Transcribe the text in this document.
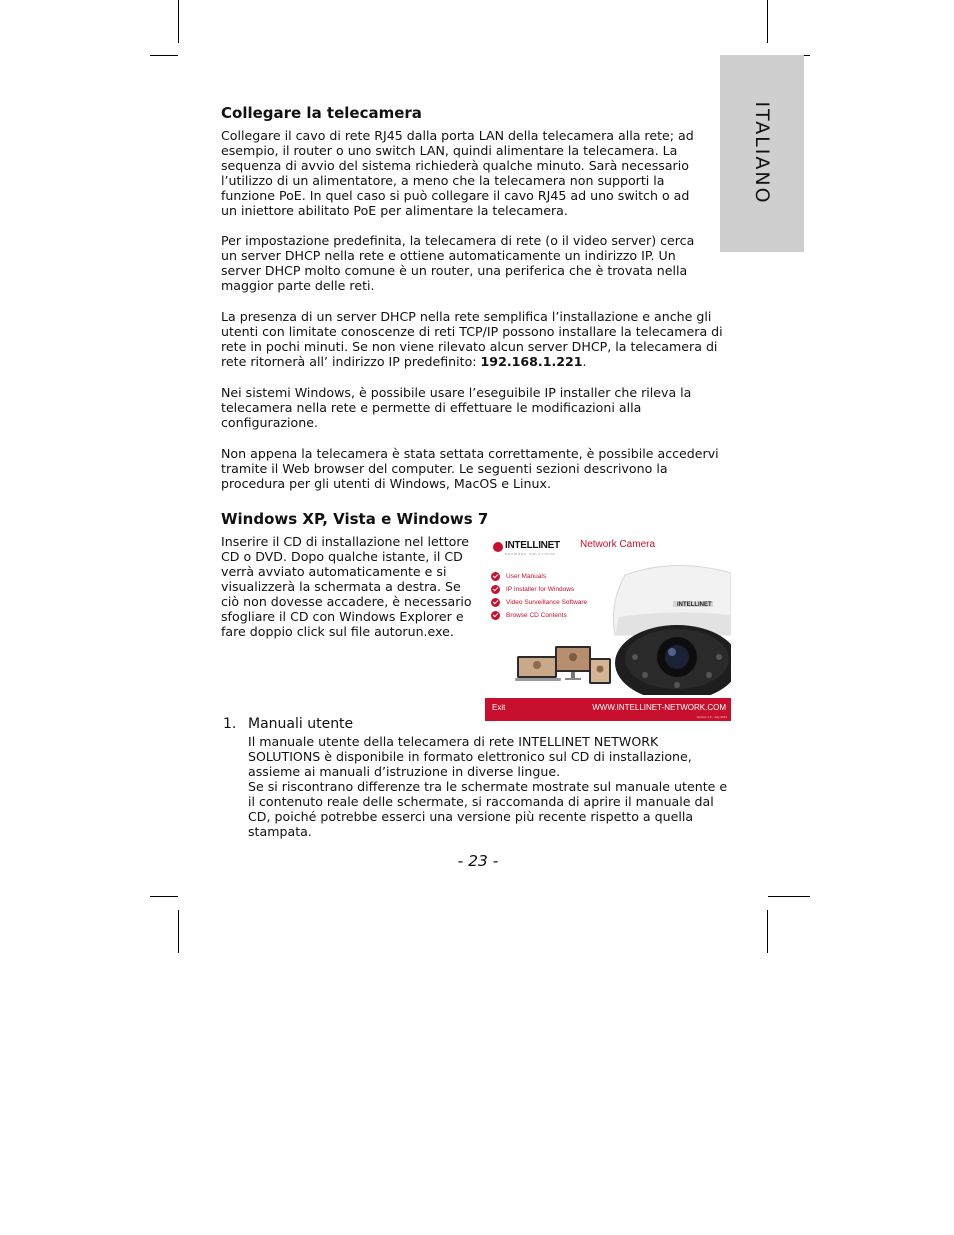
ITALIANO
Collegare la telecamera

Collegare il cavo di rete RJ45 dalla porta LAN della telecamera alla rete; ad
esempio, il router o uno switch LAN, quindi alimentare la telecamera. La
sequenza di avvio del sistema richiederà qualche minuto. Sarà necessario
l’utilizzo di un alimentatore, a meno che la telecamera non supporti la
funzione PoE. In quel caso si può collegare il cavo RJ45 ad uno switch o ad
un iniettore abilitato PoE per alimentare la telecamera.

Per impostazione predefinita, la telecamera di rete (o il video server) cerca
un server DHCP nella rete e ottiene automaticamente un indirizzo IP. Un
server DHCP molto comune è un router, una periferica che è trovata nella
maggior parte delle reti.

La presenza di un server DHCP nella rete semplifica l’installazione e anche gli
utenti con limitate conoscenze di reti TCP/IP possono installare la telecamera di
rete in pochi minuti. Se non viene rilevato alcun server DHCP, la telecamera di
rete ritornerà all’ indirizzo IP predefinito: 192.168.1.221.

Nei sistemi Windows, è possibile usare l’eseguibile IP installer che rileva la
telecamera nella rete e permette di effettuare le modificazioni alla
configurazione.

Non appena la telecamera è stata settata correttamente, è possibile accedervi
tramite il Web browser del computer. Le seguenti sezioni descrivono la
procedura per gli utenti di Windows, MacOS e Linux.

Windows XP, Vista e Windows 7

Inserire il CD di installazione nel lettore
CD o DVD. Dopo qualche istante, il CD
verrà avviato automaticamente e si
visualizzerà la schermata a destra. Se
ciò non dovesse accadere, è necessario
sfogliare il CD con Windows Explorer e
fare doppio click sul file autorun.exe.

INTELLINET
NETWORK SOLUTIONS
Network Camera
User Manuals
IP Installer for Windows
Video Surveillance Software
Browse CD Contents
INTELLINET
Exit	WWW.INTELLINET-NETWORK.COM
Version 1.0 - July 2013
1. Manuali utente

Il manuale utente della telecamera di rete INTELLINET NETWORK
SOLUTIONS è disponibile in formato elettronico sul CD di installazione,
assieme ai manuali d’istruzione in diverse lingue.
Se si riscontrano differenze tra le schermate mostrate sul manuale utente e
il contenuto reale delle schermate, si raccomanda di aprire il manuale dal
CD, poiché potrebbe esserci una versione più recente rispetto a quella
stampata.

- 23 -
